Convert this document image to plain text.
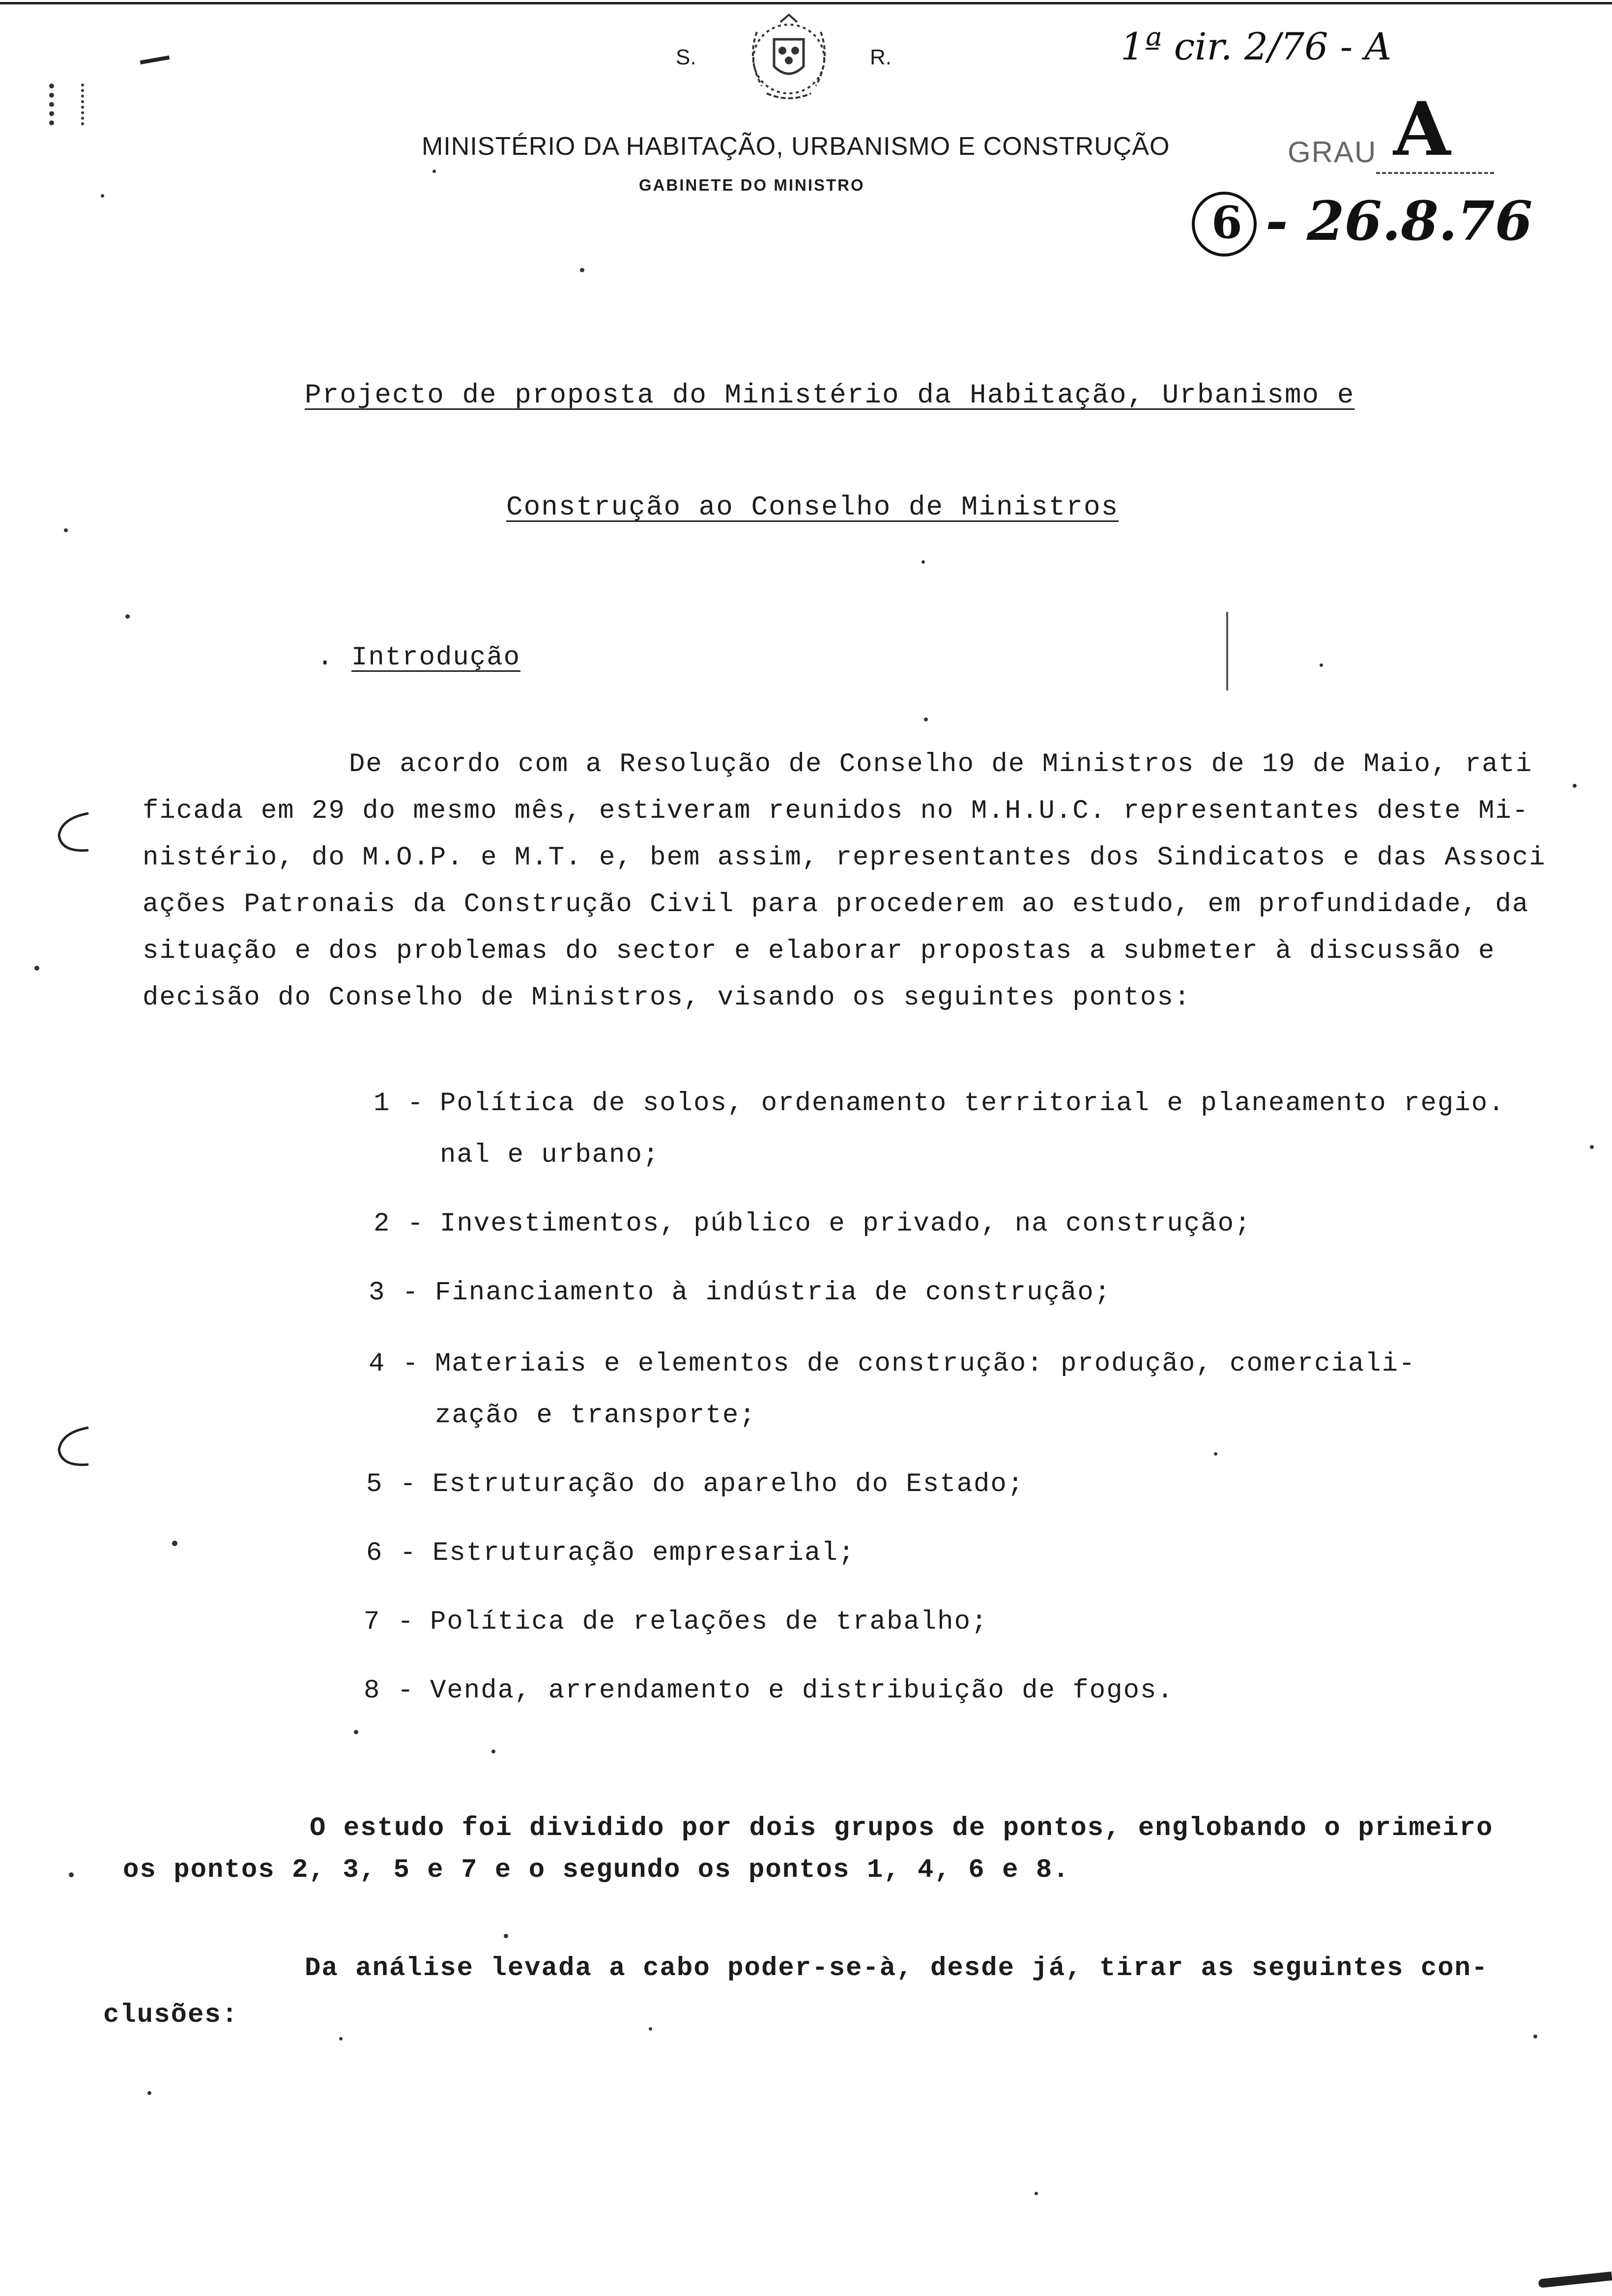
S.	R.
MINISTÉRIO DA HABITAÇÃO, URBANISMO E CONSTRUÇÃO
GABINETE DO MINISTRO
1ª cir. 2/76 - A
GRAU A
6 - 26.8.76
Projecto de proposta do Ministério da Habitação, Urbanismo e
Construção ao Conselho de Ministros
. Introdução
De acordo com a Resolução de Conselho de Ministros de 19 de Maio, rati
ficada em 29 do mesmo mês, estiveram reunidos no M.H.U.C. representantes deste Mi-
nistério, do M.O.P. e M.T. e, bem assim, representantes dos Sindicatos e das Associ
ações Patronais da Construção Civil para procederem ao estudo, em profundidade, da
situação e dos problemas do sector e elaborar propostas a submeter à discussão e
decisão do Conselho de Ministros, visando os seguintes pontos:
1 - Política de solos, ordenamento territorial e planeamento regio.
nal e urbano;
2 - Investimentos, público e privado, na construção;
3 - Financiamento à indústria de construção;
4 - Materiais e elementos de construção: produção, comerciali-
zação e transporte;
5 - Estruturação do aparelho do Estado;
6 - Estruturação empresarial;
7 - Política de relações de trabalho;
8 - Venda, arrendamento e distribuição de fogos.
O estudo foi dividido por dois grupos de pontos, englobando o primeiro
os pontos 2, 3, 5 e 7 e o segundo os pontos 1, 4, 6 e 8.
Da análise levada a cabo poder-se-à, desde já, tirar as seguintes con-
clusões:
